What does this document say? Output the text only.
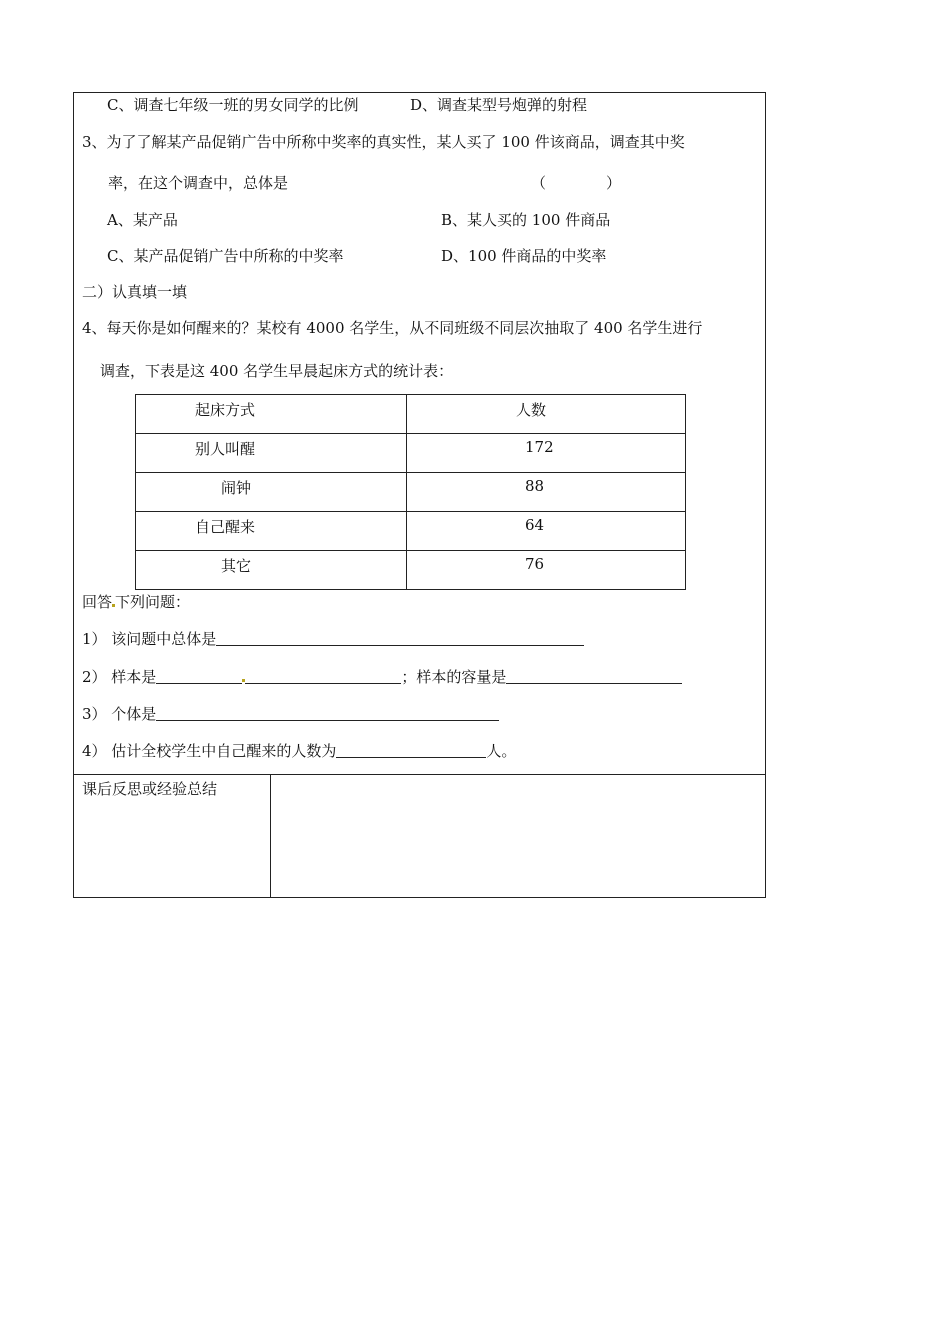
C、调查七年级一班的男女同学的比例	D、调查某型号炮弹的射程
3、为了了解某产品促销广告中所称中奖率的真实性，某人买了 100 件该商品，调查其中奖
率，在这个调查中，总体是	（	）
A、某产品	B、某人买的 100 件商品
C、某产品促销广告中所称的中奖率	D、100 件商品的中奖率
二）认真填一填
4、每天你是如何醒来的？某校有 4000 名学生，从不同班级不同层次抽取了 400 名学生进行
调查，下表是这 400 名学生早晨起床方式的统计表：
起床方式	人数

别人叫醒	172

闹钟	88

自己醒来	64

其它	76
回答 下列问题：
1） 该问题中总体是
2） 样本是	；样本的容量是
3） 个体是
4） 估计全校学生中自己醒来的人数为	人。
课后反思或经验总结
